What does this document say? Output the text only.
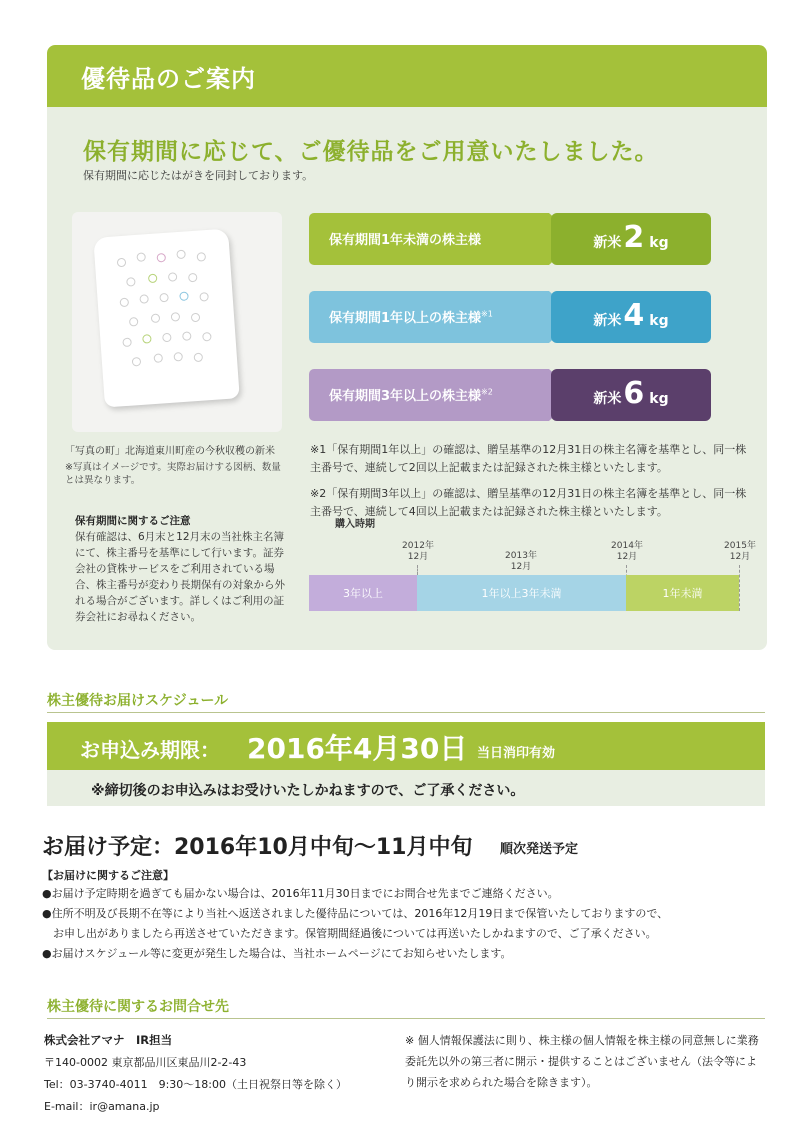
優待品のご案内
保有期間に応じて、ご優待品をご用意いたしました。
保有期間に応じたはがきを同封しております。
「写真の町」北海道東川町産の今秋収穫の新米
※写真はイメージです。実際お届けする図柄、数量とは異なります。
保有期間に関するご注意
保有確認は、6月末と12月末の当社株主名簿にて、株主番号を基準にして行います。証券会社の貸株サービスをご利用されている場合、株主番号が変わり長期保有の対象から外れる場合がございます。詳しくはご利用の証券会社にお尋ねください。
保有期間1年未満の株主様	新米 2 kg
保有期間1年以上の株主様$^{※1}$	新米 4 kg
保有期間3年以上の株主様$^{※2}$	新米 6 kg
※1「保有期間1年以上」の確認は、贈呈基準の12月31日の株主名簿を基準とし、同一株主番号で、連続して2回以上記載または記録された株主様といたします。
※2「保有期間3年以上」の確認は、贈呈基準の12月31日の株主名簿を基準とし、同一株主番号で、連続して4回以上記載または記録された株主様といたします。
購入時期
2012年
12月	2013年
12月
2014年
12月
2015年
12月
3年以上	1年以上3年未満	1年未満
株主優待お届けスケジュール
お申込み期限： 2016年4月30日 当日消印有効
※締切後のお申込みはお受けいたしかねますので、ご了承ください。
お届け予定：2016年10月中旬～11月中旬 順次発送予定
【お届けに関するご注意】
●お届け予定時期を過ぎても届かない場合は、2016年11月30日までにお問合せ先までご連絡ください。
●住所不明及び長期不在等により当社へ返送されました優待品については、2016年12月19日まで保管いたしておりますので、
　お申し出がありましたら再送させていただきます。保管期間経過後については再送いたしかねますので、ご了承ください。
●お届けスケジュール等に変更が発生した場合は、当社ホームページにてお知らせいたします。
株主優待に関するお問合せ先
株式会社アマナ　IR担当
〒140-0002 東京都品川区東品川2-2-43
Tel：03-3740-4011　9:30～18:00（土日祝祭日等を除く）
E-mail：ir@amana.jp
※ 個人情報保護法に則り、株主様の個人情報を株主様の同意無しに業務委託先以外の第三者に開示・提供することはございません（法令等により開示を求められた場合を除きます）。
